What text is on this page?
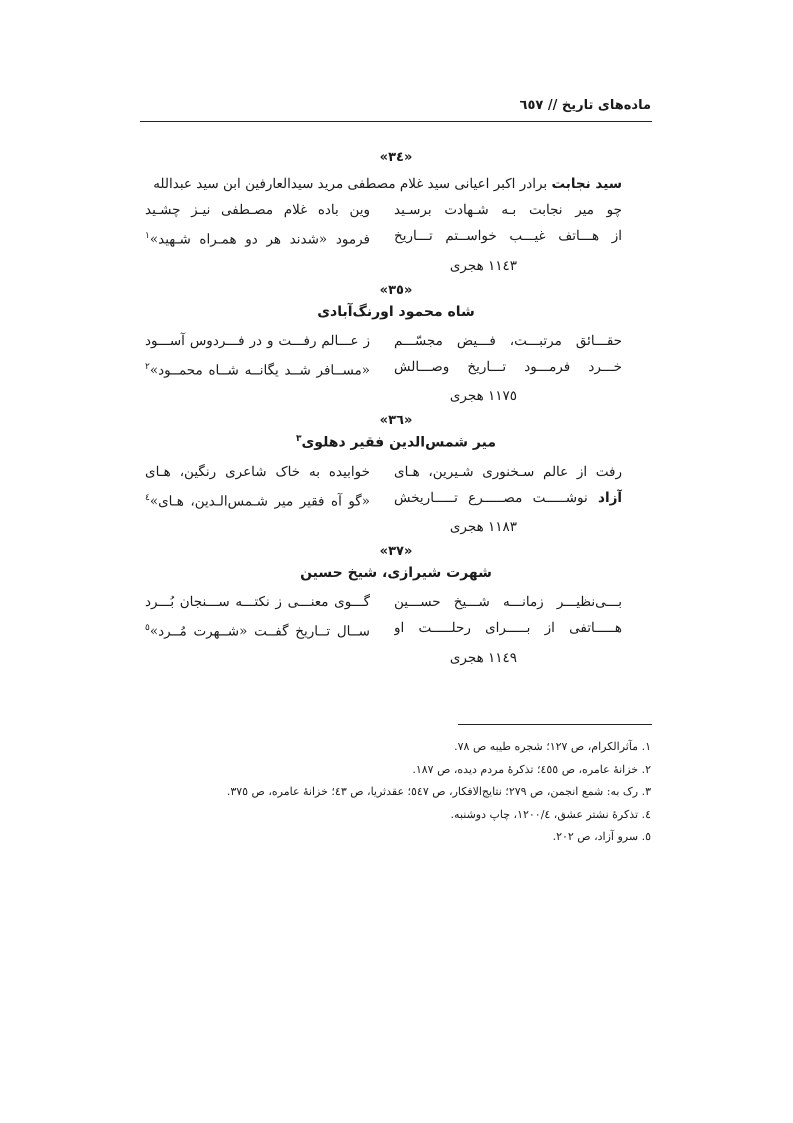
ماده‌های تاریخ // ٦٥٧
«٣٤»
سید نجابت برادر اکبر اعیانی سید غلام مصطفی مرید سیدالعارفین ابن سید عبدالله
چو میر نجابت بـه شـهادت برسـید
وین باده غلام مصـطفی نیـز چشـید
از هـــاتف غیـــب خواســتم تـــاریخ
فرمود «شدند هر دو همـراه شـهید»$^١$
١١٤٣ هجری
«٣٥»
شاه محمود اورنگ‌آبادی
حقـــائق مرتبـــت، فـــیض مجسّـــم
ز عـــالم رفـــت و در فـــردوس آســـود
خـــرد فرمـــود تـــاریخ وصـــالش
«مســافر شــد یگانــه شــاه محمــود»$^٢$
١١٧٥ هجری
«٣٦»
میر شمس‌الدین فقیر دهلوی$^٣$
رفت از عالم سـخنوری شـیرین، هـای
خوابیده به خاک شاعری رنگین، هـای
آزاد نوشـــــت مصـــــرع تـــــاریخش
«گو آه فقیر میر شـمس‌الـدین، هـای»$^٤$
١١٨٣ هجری
«٣٧»
شهرت شیرازی، شیخ حسین
بـــی‌نظیـــر زمانـــه شـــیخ حســـین
گـــوی معنـــی ز نکتـــه ســـنجان بُـــرد
هـــــاتفی از بـــــرای رحلـــــت او
ســال تــاریخ گفــت «شــهرت مُــرد»$^٥$
١١٤٩ هجری
١. مآثرالکرام، ص ١٢٧؛ شجره طیبه ص ٧٨.
٢. خزانهٔ عامره، ص ٤٥٥؛ تذکرهٔ مردم دیده، ص ١٨٧.
٣. رک به: شمع انجمن، ص ٢٧٩؛ نتایج‌الافکار، ص ٥٤٧؛ عقدثریا، ص ٤٣؛ خزانهٔ عامره، ص ٣٧٥.
٤. تذکرهٔ نشتر عشق، ١٢٠٠/٤، چاپ دوشنبه.
٥. سرو آزاد، ص ٢٠٢.
